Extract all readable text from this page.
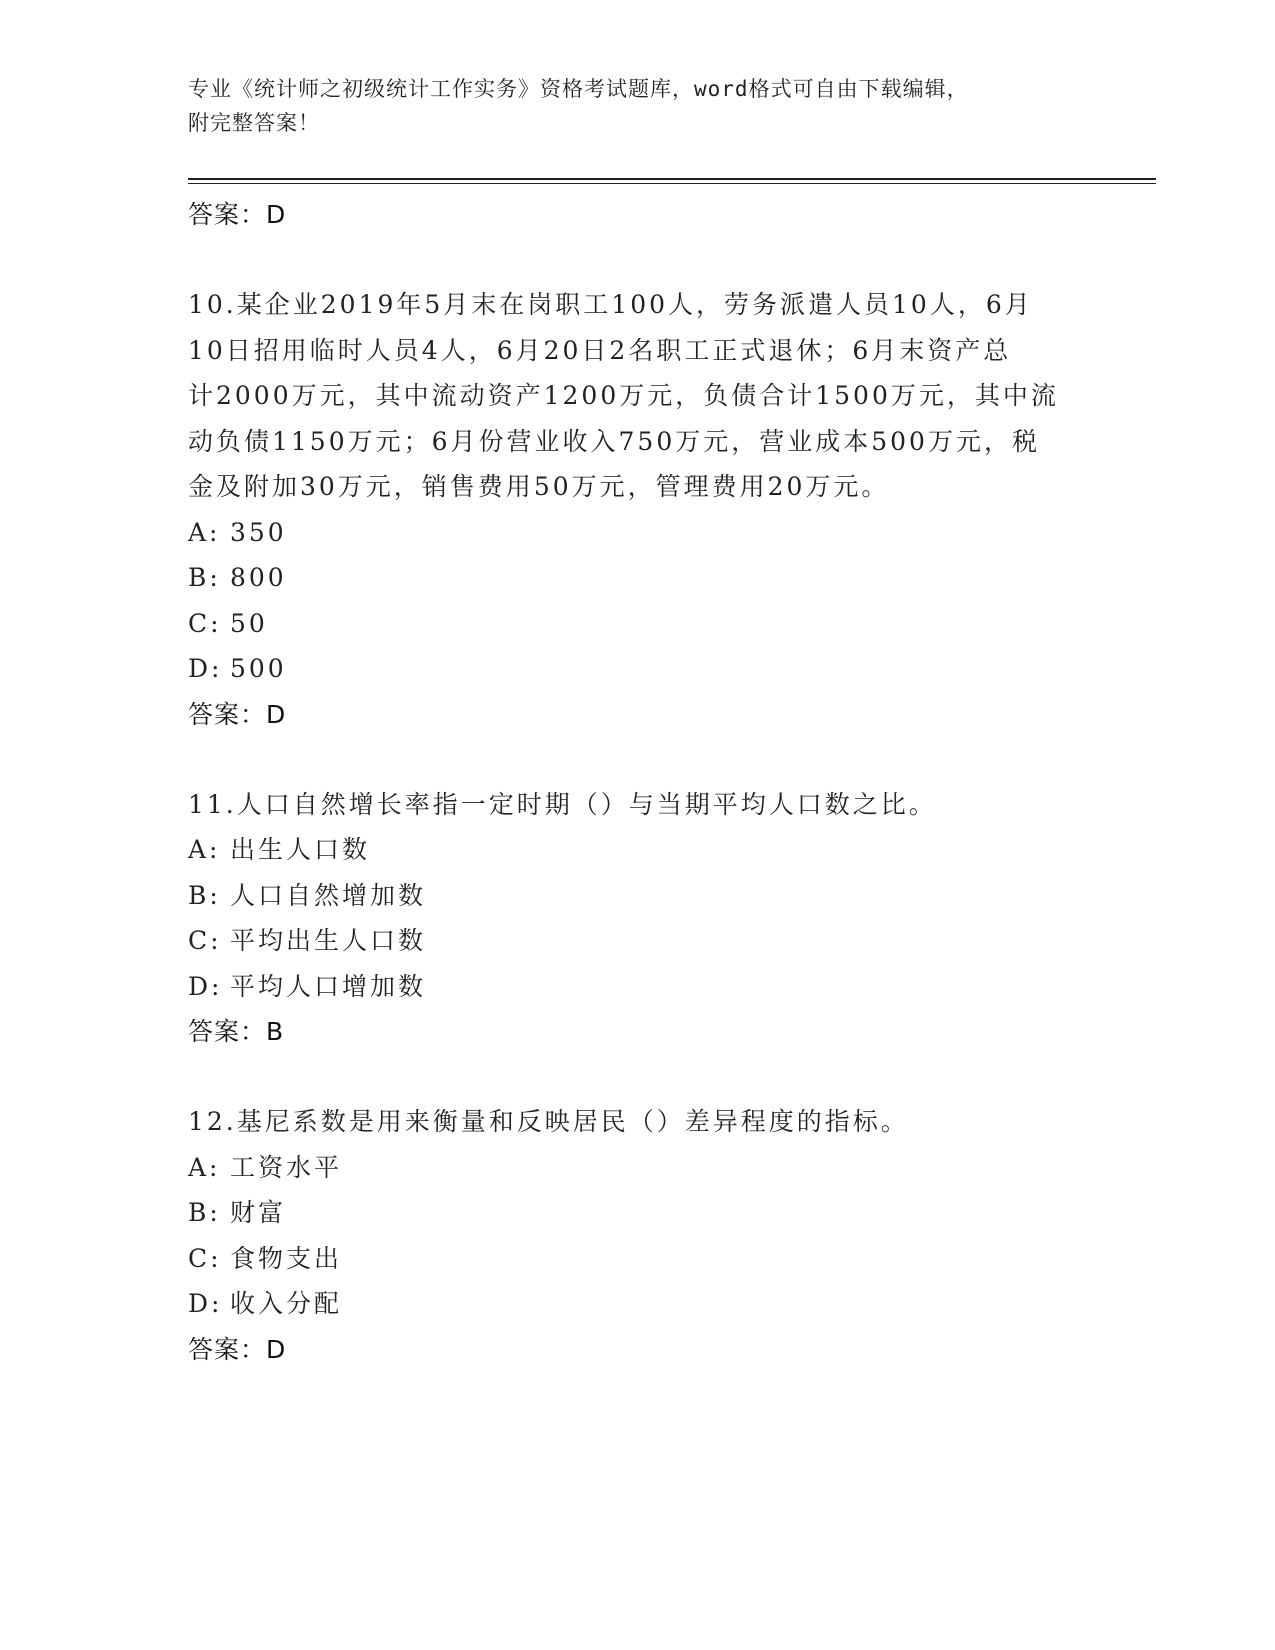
专业《统计师之初级统计工作实务》资格考试题库，word格式可自由下载编辑，
附完整答案！
答案：D
10.某企业2019年5月末在岗职工100人，劳务派遣人员10人，6月
10日招用临时人员4人，6月20日2名职工正式退休；6月末资产总
计2000万元，其中流动资产1200万元，负债合计1500万元，其中流
动负债1150万元；6月份营业收入750万元，营业成本500万元，税
金及附加30万元，销售费用50万元，管理费用20万元。
A: 350
B: 800
C: 50
D: 500
答案：D
11.人口自然增长率指一定时期（）与当期平均人口数之比。
A: 出生人口数
B: 人口自然增加数
C: 平均出生人口数
D: 平均人口增加数
答案：B
12.基尼系数是用来衡量和反映居民（）差异程度的指标。
A: 工资水平
B: 财富
C: 食物支出
D: 收入分配
答案：D
